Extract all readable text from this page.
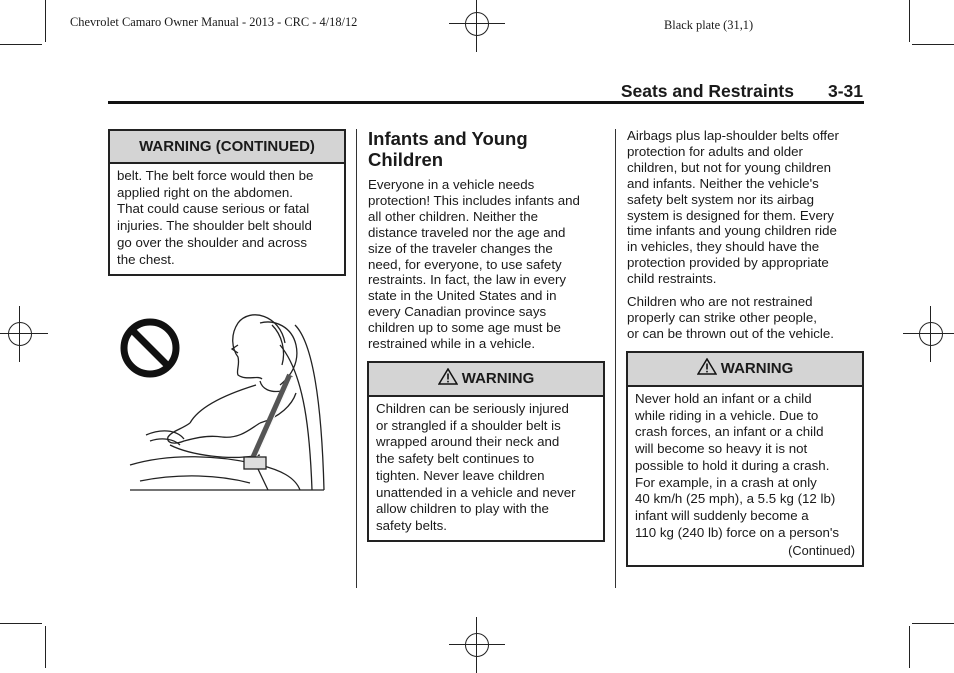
Chevrolet Camaro Owner Manual - 2013 - CRC - 4/18/12	Black plate (31,1)
Seats and Restraints 3-31
WARNING (CONTINUED)
belt. The belt force would then be
applied right on the abdomen.
That could cause serious or fatal
injuries. The shoulder belt should
go over the shoulder and across
the chest.
Infants and Young
Children
Everyone in a vehicle needs
protection! This includes infants and
all other children. Neither the
distance traveled nor the age and
size of the traveler changes the
need, for everyone, to use safety
restraints. In fact, the law in every
state in the United States and in
every Canadian province says
children up to some age must be
restrained while in a vehicle.
WARNING
Children can be seriously injured
or strangled if a shoulder belt is
wrapped around their neck and
the safety belt continues to
tighten. Never leave children
unattended in a vehicle and never
allow children to play with the
safety belts.
Airbags plus lap-shoulder belts offer
protection for adults and older
children, but not for young children
and infants. Neither the vehicle's
safety belt system nor its airbag
system is designed for them. Every
time infants and young children ride
in vehicles, they should have the
protection provided by appropriate
child restraints.
Children who are not restrained
properly can strike other people,
or can be thrown out of the vehicle.
WARNING
Never hold an infant or a child
while riding in a vehicle. Due to
crash forces, an infant or a child
will become so heavy it is not
possible to hold it during a crash.
For example, in a crash at only
40 km/h (25 mph), a 5.5 kg (12 lb)
infant will suddenly become a
110 kg (240 lb) force on a person's
(Continued)
